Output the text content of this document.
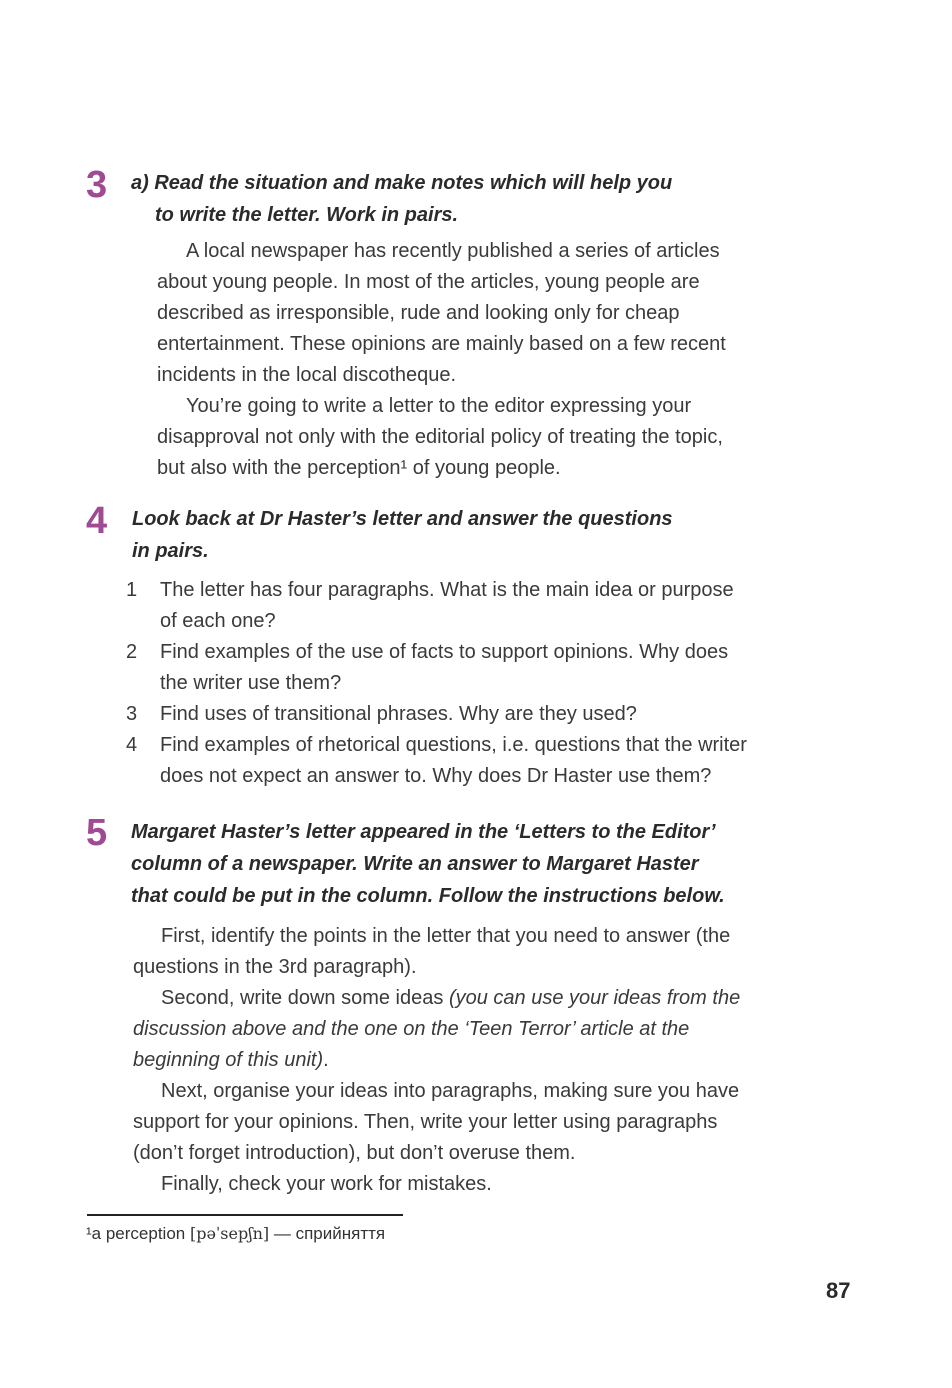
3 a) Read the situation and make notes which will help you
to write the letter. Work in pairs.
A local newspaper has recently published a series of articles
about young people. In most of the articles, young people are
described as irresponsible, rude and looking only for cheap
entertainment. These opinions are mainly based on a few recent
incidents in the local discotheque.
You’re going to write a letter to the editor expressing your
disapproval not only with the editorial policy of treating the topic,
but also with the perception¹ of young people.
4 Look back at Dr Haster’s letter and answer the questions
in pairs.
1 The letter has four paragraphs. What is the main idea or purpose
of each one?
2 Find examples of the use of facts to support opinions. Why does
the writer use them?
3 Find uses of transitional phrases. Why are they used?
4 Find examples of rhetorical questions, i.e. questions that the writer
does not expect an answer to. Why does Dr Haster use them?
5 Margaret Haster’s letter appeared in the ‘Letters to the Editor’
column of a newspaper. Write an answer to Margaret Haster
that could be put in the column. Follow the instructions below.
First, identify the points in the letter that you need to answer (the
questions in the 3rd paragraph).
Second, write down some ideas (you can use your ideas from the
discussion above and the one on the ‘Teen Terror’ article at the
beginning of this unit).
Next, organise your ideas into paragraphs, making sure you have
support for your opinions. Then, write your letter using paragraphs
(don’t forget introduction), but don’t overuse them.
Finally, check your work for mistakes.
¹a perception [pəˈsepʃn] — сприйняття
87
